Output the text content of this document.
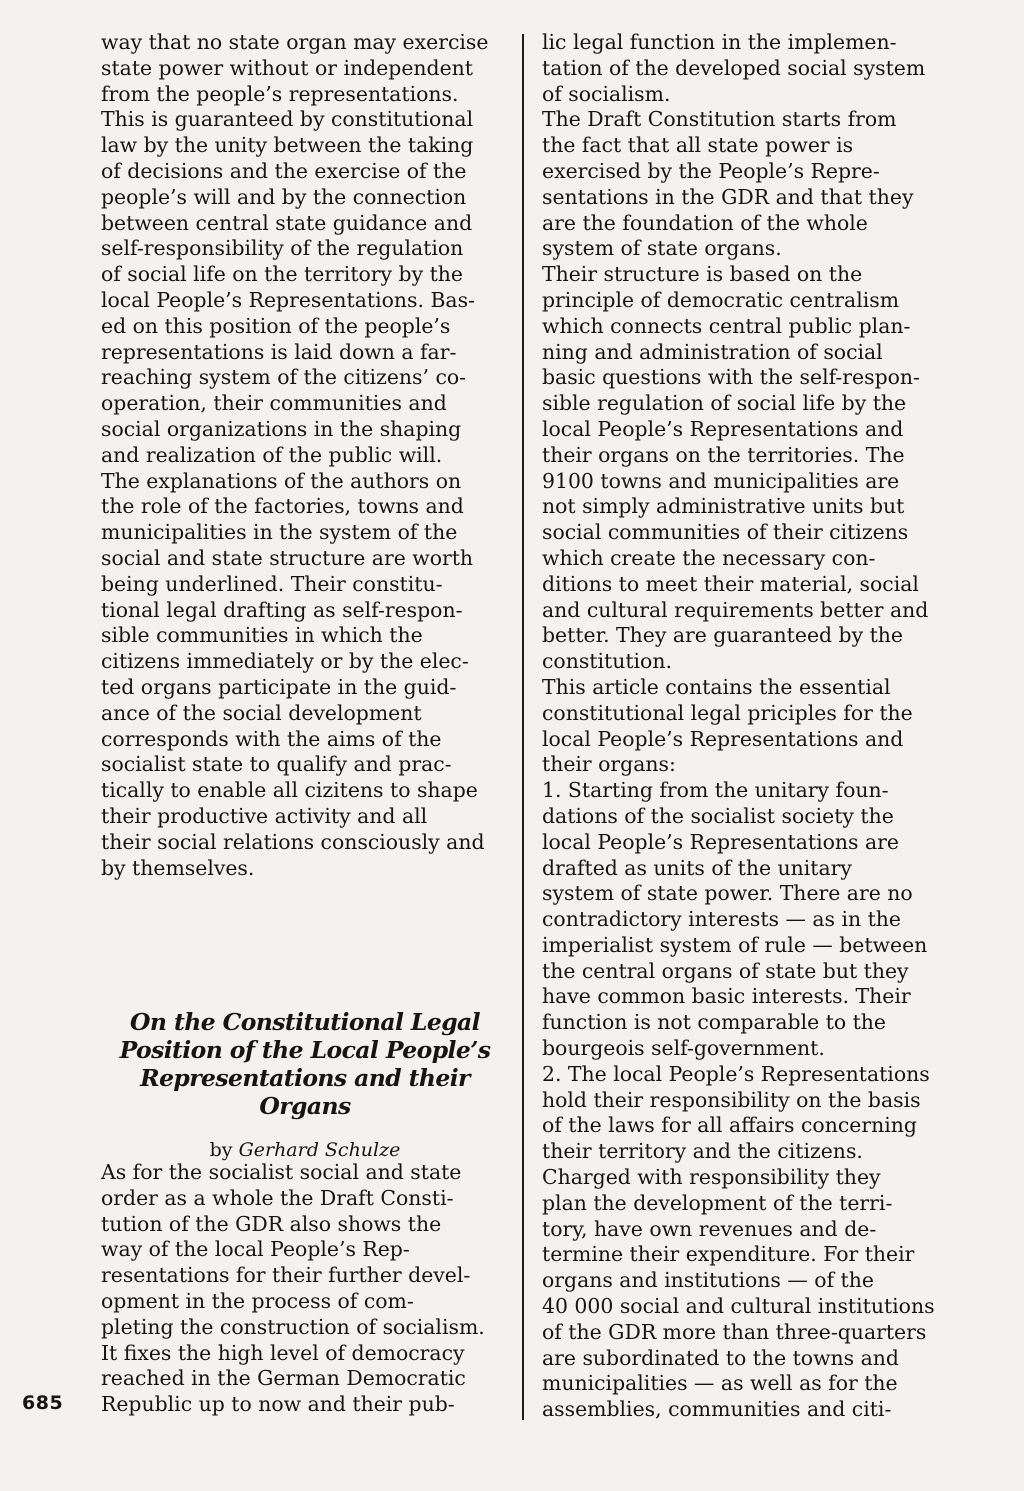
way that no state organ may exercise
state power without or independent
from the people’s representations.
This is guaranteed by constitutional
law by the unity between the taking
of decisions and the exercise of the
people’s will and by the connection
between central state guidance and
self-responsibility of the regulation
of social life on the territory by the
local People’s Representations. Bas-
ed on this position of the people’s
representations is laid down a far-
reaching system of the citizens’ co-
operation, their communities and
social organizations in the shaping
and realization of the public will.
The explanations of the authors on
the role of the factories, towns and
municipalities in the system of the
social and state structure are worth
being underlined. Their constitu-
tional legal drafting as self-respon-
sible communities in which the
citizens immediately or by the elec-
ted organs participate in the guid-
ance of the social development
corresponds with the aims of the
socialist state to qualify and prac-
tically to enable all cizitens to shape
their productive activity and all
their social relations consciously and
by themselves.

On the Constitutional Legal
Position of the Local People’s
Representations and their Organs
by Gerhard Schulze

As for the socialist social and state
order as a whole the Draft Consti-
tution of the GDR also shows the
way of the local People’s Rep-
resentations for their further devel-
opment in the process of com-
pleting the construction of socialism.
It fixes the high level of democracy
reached in the German Democratic
Republic up to now and their pub-

lic legal function in the implemen-
tation of the developed social system
of socialism.

The Draft Constitution starts from
the fact that all state power is
exercised by the People’s Repre-
sentations in the GDR and that they
are the foundation of the whole
system of state organs.

Their structure is based on the
principle of democratic centralism
which connects central public plan-
ning and administration of social
basic questions with the self-respon-
sible regulation of social life by the
local People’s Representations and
their organs on the territories. The
9100 towns and municipalities are
not simply administrative units but
social communities of their citizens
which create the necessary con-
ditions to meet their material, social
and cultural requirements better and
better. They are guaranteed by the
constitution.

This article contains the essential
constitutional legal priciples for the
local People’s Representations and
their organs:

1. Starting from the unitary foun-
dations of the socialist society the
local People’s Representations are
drafted as units of the unitary
system of state power. There are no
contradictory interests — as in the
imperialist system of rule — between
the central organs of state but they
have common basic interests. Their
function is not comparable to the
bourgeois self-government.

2. The local People’s Representations
hold their responsibility on the basis
of the laws for all affairs concerning
their territory and the citizens.
Charged with responsibility they
plan the development of the terri-
tory, have own revenues and de-
termine their expenditure. For their
organs and institutions — of the
40 000 social and cultural institutions
of the GDR more than three-quarters
are subordinated to the towns and
municipalities — as well as for the
assemblies, communities and citi-

685
